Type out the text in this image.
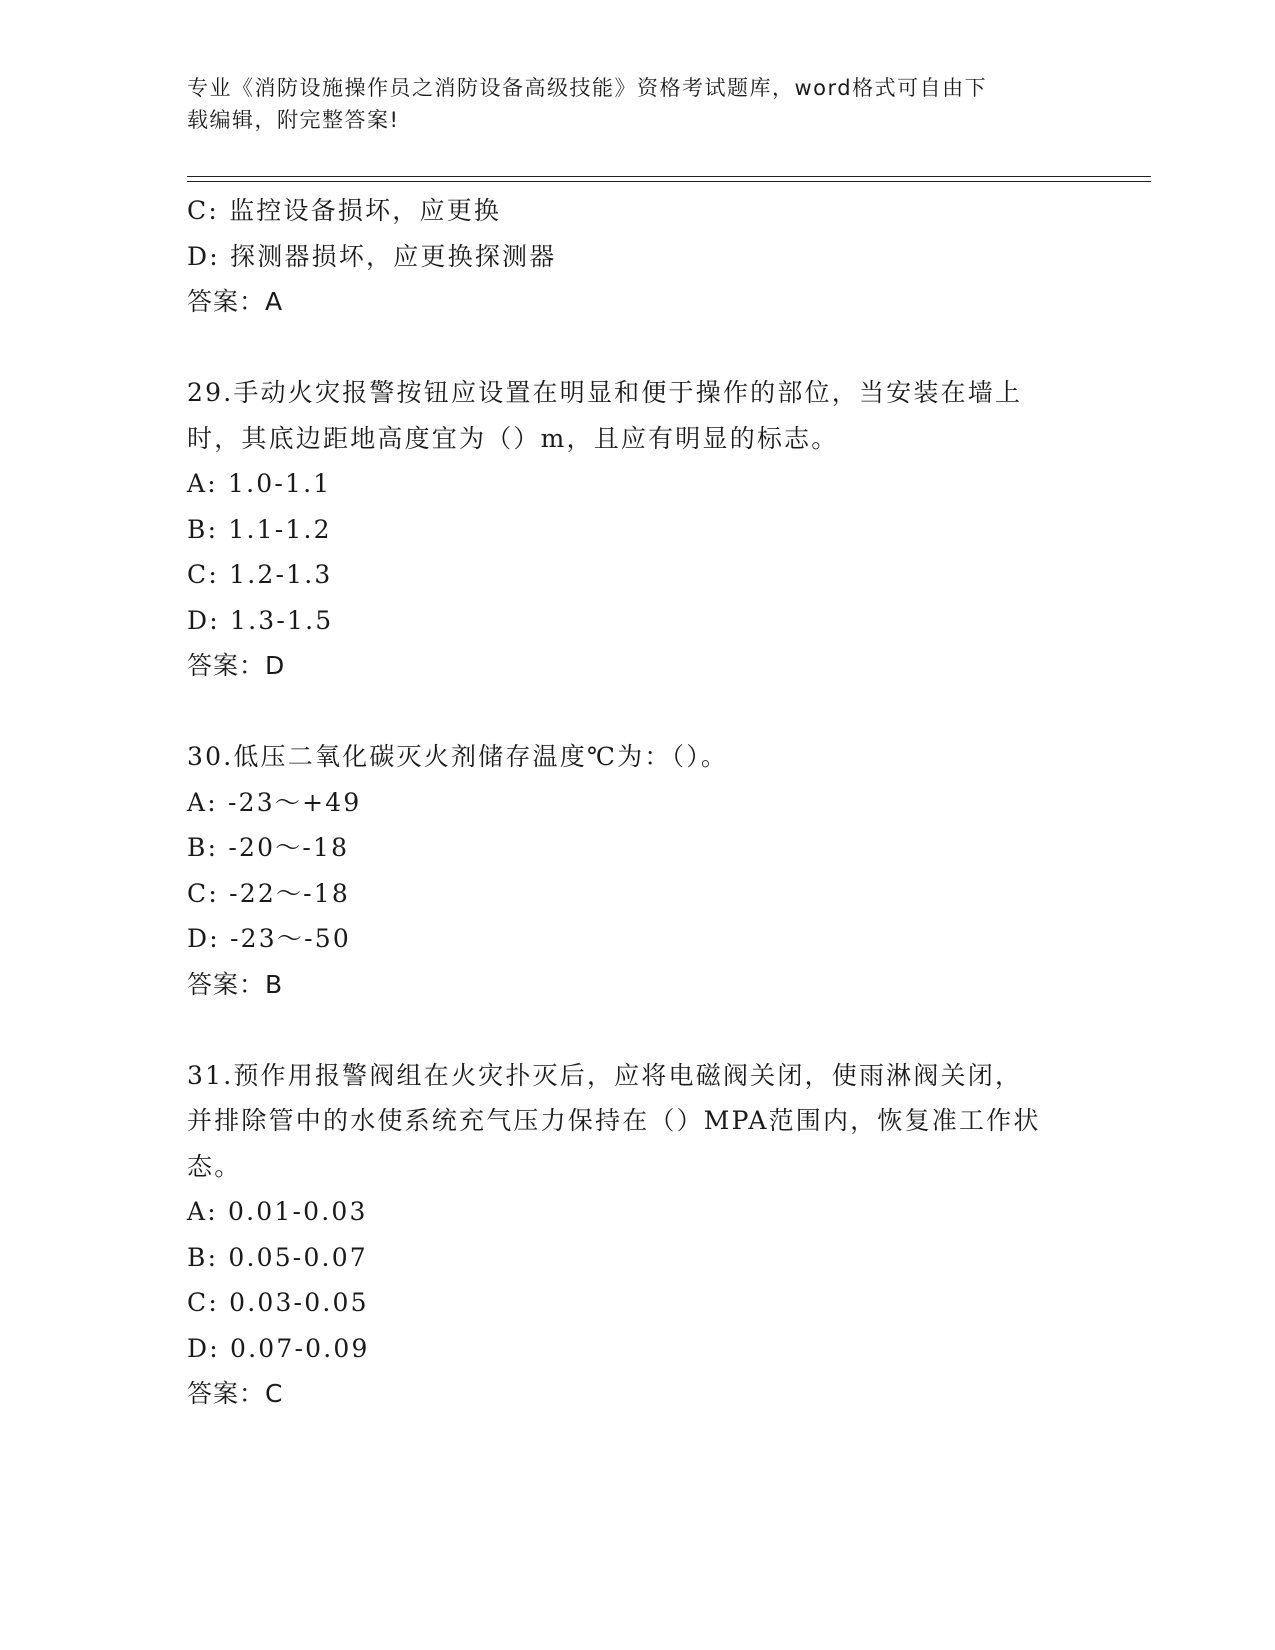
专业《消防设施操作员之消防设备高级技能》资格考试题库，word格式可自由下
载编辑，附完整答案!
C: 监控设备损坏，应更换
D: 探测器损坏，应更换探测器
答案：A
29.手动火灾报警按钮应设置在明显和便于操作的部位，当安装在墙上
时，其底边距地高度宜为（）m，且应有明显的标志。
A: 1.0-1.1
B: 1.1-1.2
C: 1.2-1.3
D: 1.3-1.5
答案：D
30.低压二氧化碳灭火剂储存温度℃为：（）。
A: -23～+49
B: -20～-18
C: -22～-18
D: -23～-50
答案：B
31.预作用报警阀组在火灾扑灭后，应将电磁阀关闭，使雨淋阀关闭，
并排除管中的水使系统充气压力保持在（）MPA范围内，恢复准工作状
态。
A: 0.01-0.03
B: 0.05-0.07
C: 0.03-0.05
D: 0.07-0.09
答案：C
